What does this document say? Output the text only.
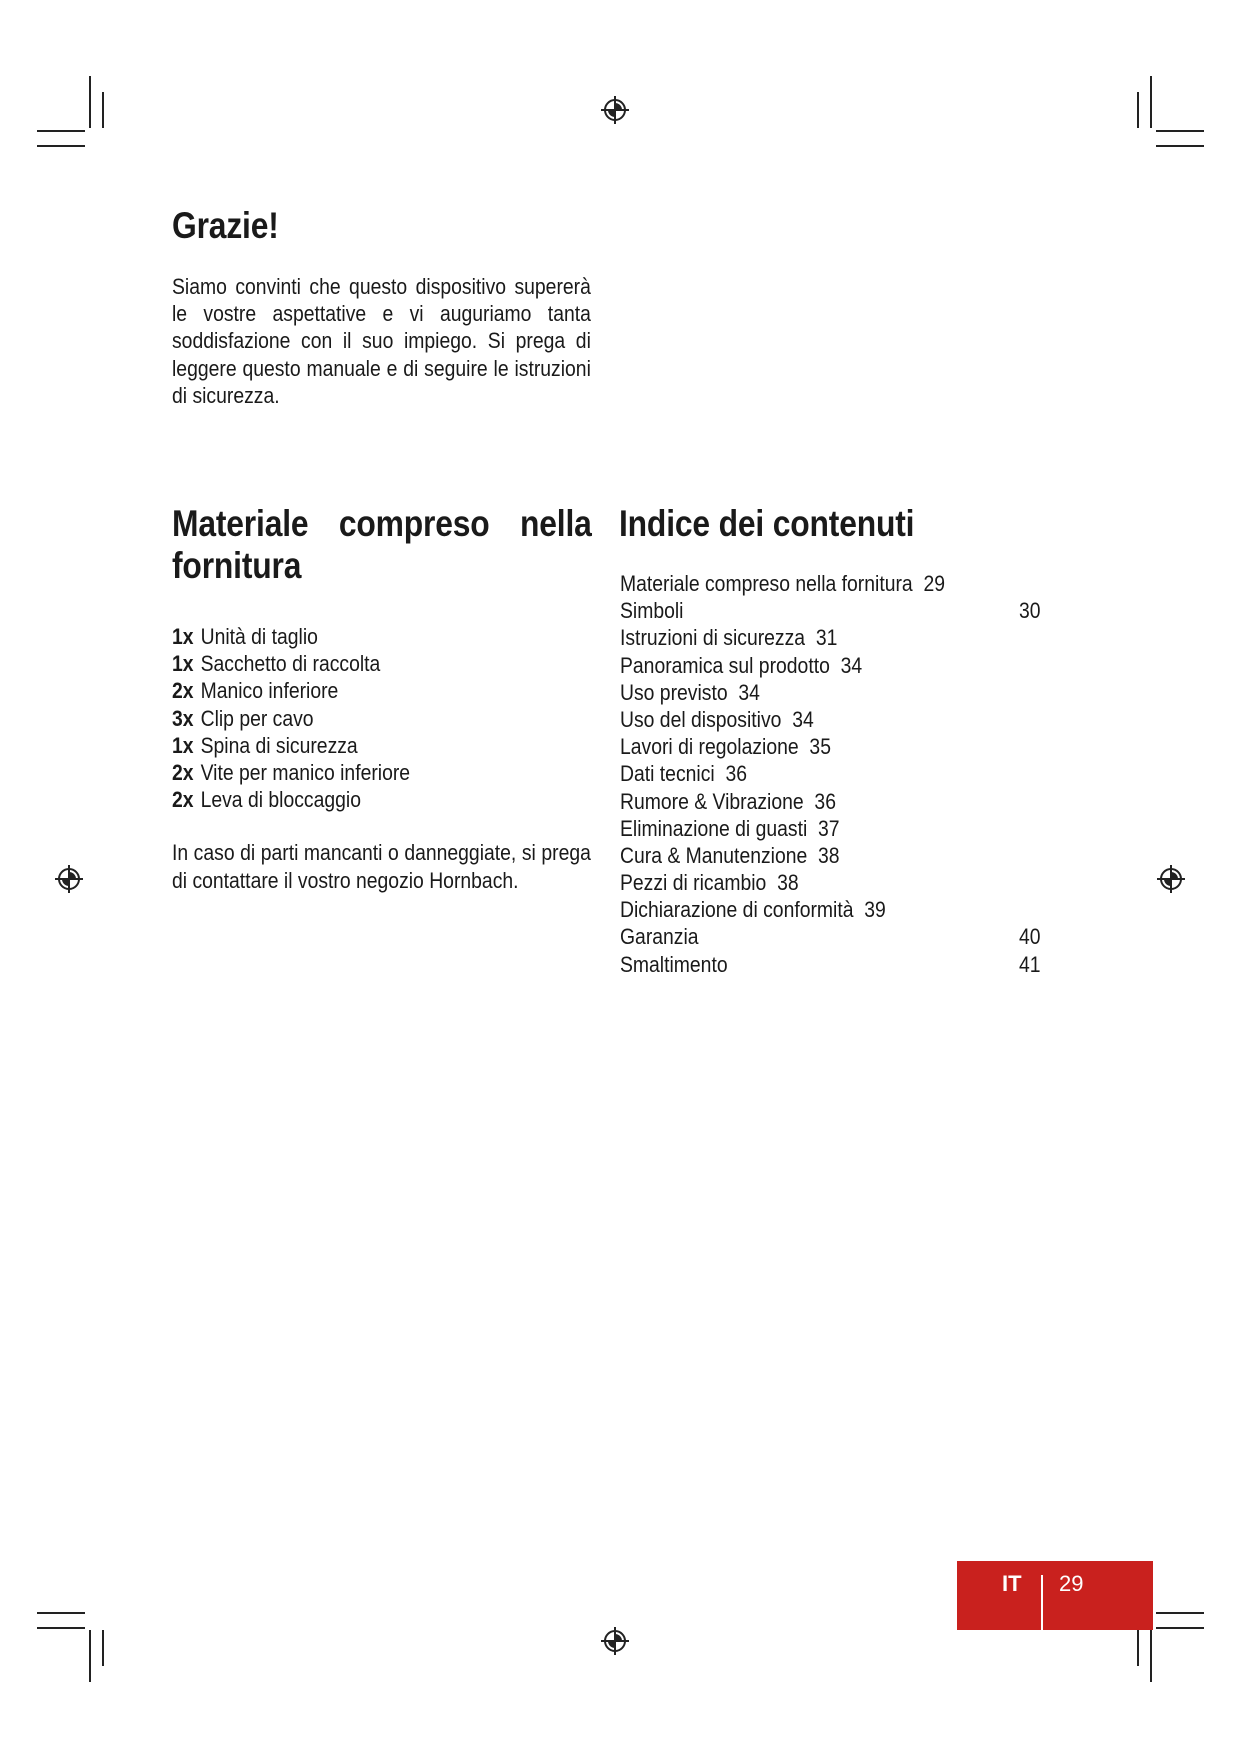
Grazie!

Siamo convinti che questo dispositivo supererà le vostre aspettative e vi auguriamo tanta soddisfazione con il suo impiego. Si prega di leggere questo manuale e di seguire le istruzioni di sicurezza.

Materiale compreso nella fornitura
1x Unità di taglio
1x Sacchetto di raccolta
2x Manico inferiore
3x Clip per cavo
1x Spina di sicurezza
2x Vite per manico inferiore
2x Leva di bloccaggio

In caso di parti mancanti o danneggiate, si prega di contattare il vostro negozio Hornbach.

Indice dei contenuti
Materiale compreso nella fornitura 29
Simboli	30
Istruzioni di sicurezza 31
Panoramica sul prodotto 34
Uso previsto 34
Uso del dispositivo 34
Lavori di regolazione 35
Dati tecnici 36
Rumore & Vibrazione 36
Eliminazione di guasti 37
Cura & Manutenzione 38
Pezzi di ricambio 38
Dichiarazione di conformità 39
Garanzia	40
Smaltimento	41
IT 29
